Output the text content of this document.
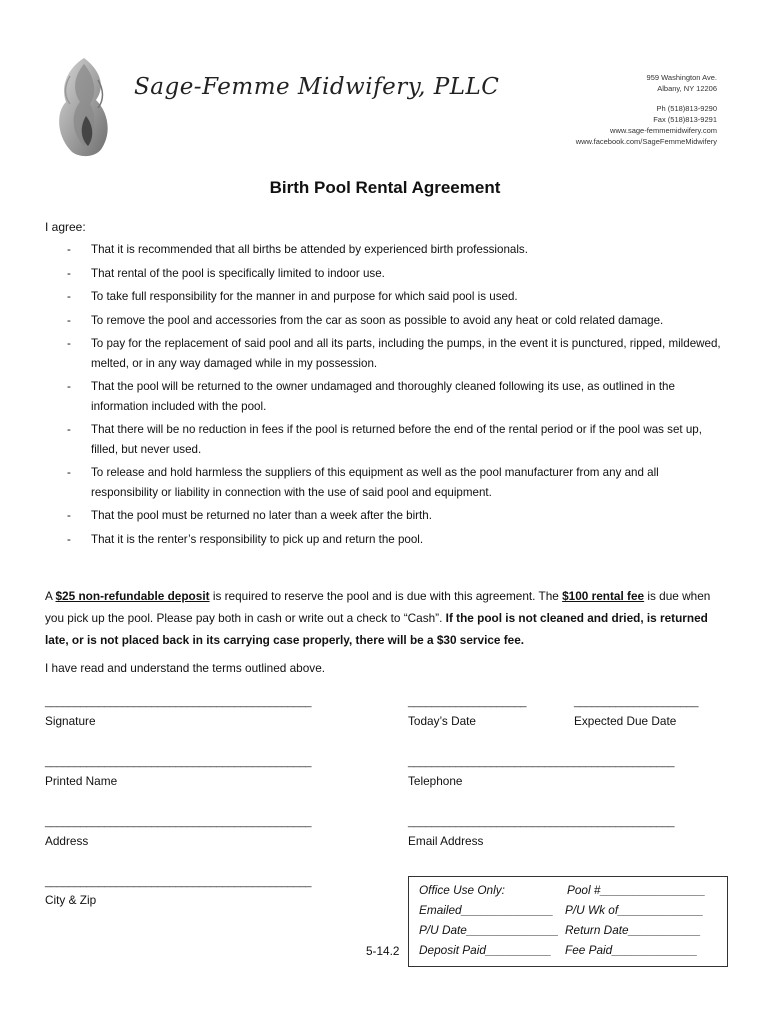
Sage-Femme Midwifery, PLLC	959 Washington Ave.
Albany, NY 12206
Ph (518)813-9290
Fax (518)813-9291
www.sage-femmemidwifery.com
www.facebook.com/SageFemmeMidwifery
Birth Pool Rental Agreement
I agree:
- That it is recommended that all births be attended by experienced birth professionals.
- That rental of the pool is specifically limited to indoor use.
- To take full responsibility for the manner in and purpose for which said pool is used.
- To remove the pool and accessories from the car as soon as possible to avoid any heat or cold related damage.
- To pay for the replacement of said pool and all its parts, including the pumps, in the event it is punctured, ripped, mildewed, melted, or in any way damaged while in my possession.
- That the pool will be returned to the owner undamaged and thoroughly cleaned following its use, as outlined in the information included with the pool.
- That there will be no reduction in fees if the pool is returned before the end of the rental period or if the pool was set up, filled, but never used.
- To release and hold harmless the suppliers of this equipment as well as the pool manufacturer from any and all responsibility or liability in connection with the use of said pool and equipment.
- That the pool must be returned no later than a week after the birth.
- That it is the renter’s responsibility to pick up and return the pool.
A $25 non-refundable deposit is required to reserve the pool and is due with this agreement. The $100 rental fee is due when you pick up the pool. Please pay both in cash or write out a check to “Cash”. If the pool is not cleaned and dried, is returned late, or is not placed back in its carrying case properly, there will be a $30 service fee.
I have read and understand the terms outlined above.
_____________________________________________
Signature
____________________
Today’s Date
_____________________
Expected Due Date
_____________________________________________
Printed Name
_____________________________________________
Telephone
_____________________________________________
Address
_____________________________________________
Email Address
_____________________________________________
City & Zip
Office Use Only:	Pool #________________
Emailed______________ P/U Wk of_____________
P/U Date______________ Return Date___________
Deposit Paid__________ Fee Paid_____________
5-14.2
